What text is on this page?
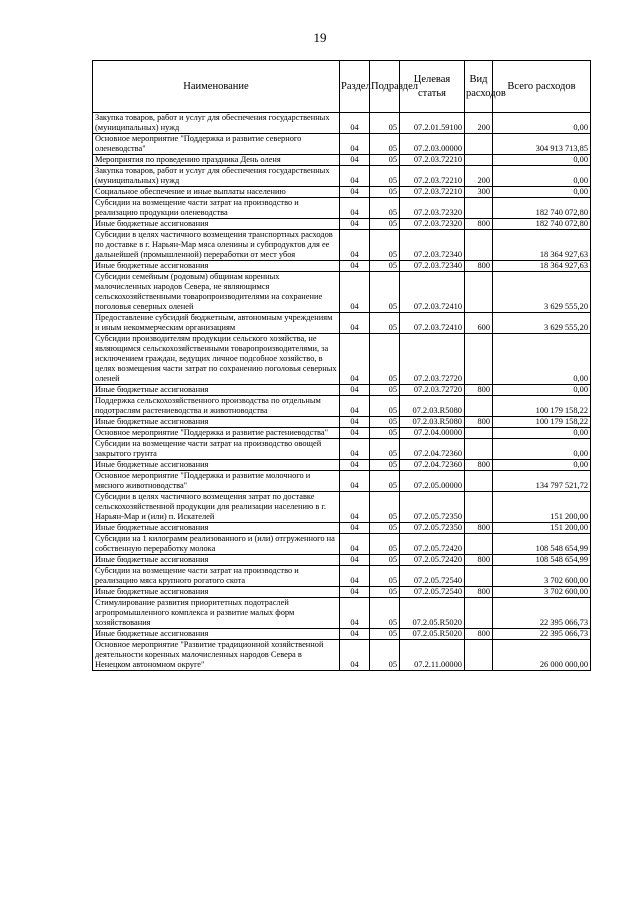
19
Наименование	Раздел	Подраздел	Целевая статья	Вид расходов	Всего расходов
Закупка товаров, работ и услуг для обеспечения государственных (муниципальных) нужд	04	05	07.2.01.59100	200	0,00
Основное мероприятие "Поддержка и развитие северного оленеводства"	04	05	07.2.03.00000		304 913 713,85
Мероприятия по проведению праздника День оленя	04	05	07.2.03.72210		0,00
Закупка товаров, работ и услуг для обеспечения государственных (муниципальных) нужд	04	05	07.2.03.72210	200	0,00
Социальное обеспечение и иные выплаты населению	04	05	07.2.03.72210	300	0,00
Субсидии на возмещение части затрат на производство и реализацию продукции оленеводства	04	05	07.2.03.72320		182 740 072,80
Иные бюджетные ассигнования	04	05	07.2.03.72320	800	182 740 072,80
Субсидии в целях частичного возмещения транспортных расходов по доставке в г. Нарьян-Мар мяса оленины и субпродуктов для ее дальнейшей (промышленной) переработки от мест убоя	04	05	07.2.03.72340		18 364 927,63
Иные бюджетные ассигнования	04	05	07.2.03.72340	800	18 364 927,63
Субсидии семейным (родовым) общинам коренных малочисленных народов Севера, не являющимся сельскохозяйственными товаропроизводителями на сохранение поголовья северных оленей	04	05	07.2.03.72410		3 629 555,20
Предоставление субсидий бюджетным, автономным учреждениям и иным некоммерческим организациям	04	05	07.2.03.72410	600	3 629 555,20
Субсидии производителям продукции сельского хозяйства, не являющимся сельскохозяйственными товаропроизводителями, за исключением граждан, ведущих личное подсобное хозяйство, в целях возмещения части затрат по сохранению поголовья северных оленей	04	05	07.2.03.72720		0,00
Иные бюджетные ассигнования	04	05	07.2.03.72720	800	0,00
Поддержка сельскохозяйственного производства по отдельным подотраслям растениеводства и животноводства	04	05	07.2.03.R5080		100 179 158,22
Иные бюджетные ассигнования	04	05	07.2.03.R5080	800	100 179 158,22
Основное мероприятие "Поддержка и развитие растениеводства"	04	05	07.2.04.00000		0,00
Субсидии на возмещение части затрат на производство овощей закрытого грунта	04	05	07.2.04.72360		0,00
Иные бюджетные ассигнования	04	05	07.2.04.72360	800	0,00
Основное мероприятие "Поддержка и развитие молочного и мясного животноводства"	04	05	07.2.05.00000		134 797 521,72
Субсидии в целях частичного возмещения затрат по доставке сельскохозяйственной продукции для реализации населению в г. Нарьян-Мар и (или) п. Искателей	04	05	07.2.05.72350		151 200,00
Иные бюджетные ассигнования	04	05	07.2.05.72350	800	151 200,00
Субсидии на 1 килограмм реализованного и (или) отгруженного на собственную переработку молока	04	05	07.2.05.72420		108 548 654,99
Иные бюджетные ассигнования	04	05	07.2.05.72420	800	108 548 654,99
Субсидии на возмещение части затрат на производство и реализацию мяса крупного рогатого скота	04	05	07.2.05.72540		3 702 600,00
Иные бюджетные ассигнования	04	05	07.2.05.72540	800	3 702 600,00
Стимулирование развития приоритетных подотраслей агропромышленного комплекса и развитие малых форм хозяйствования	04	05	07.2.05.R5020		22 395 066,73
Иные бюджетные ассигнования	04	05	07.2.05.R5020	800	22 395 066,73
Основное мероприятие "Развитие традиционной хозяйственной деятельности коренных малочисленных народов Севера в Ненецком автономном округе"	04	05	07.2.11.00000		26 000 000,00
